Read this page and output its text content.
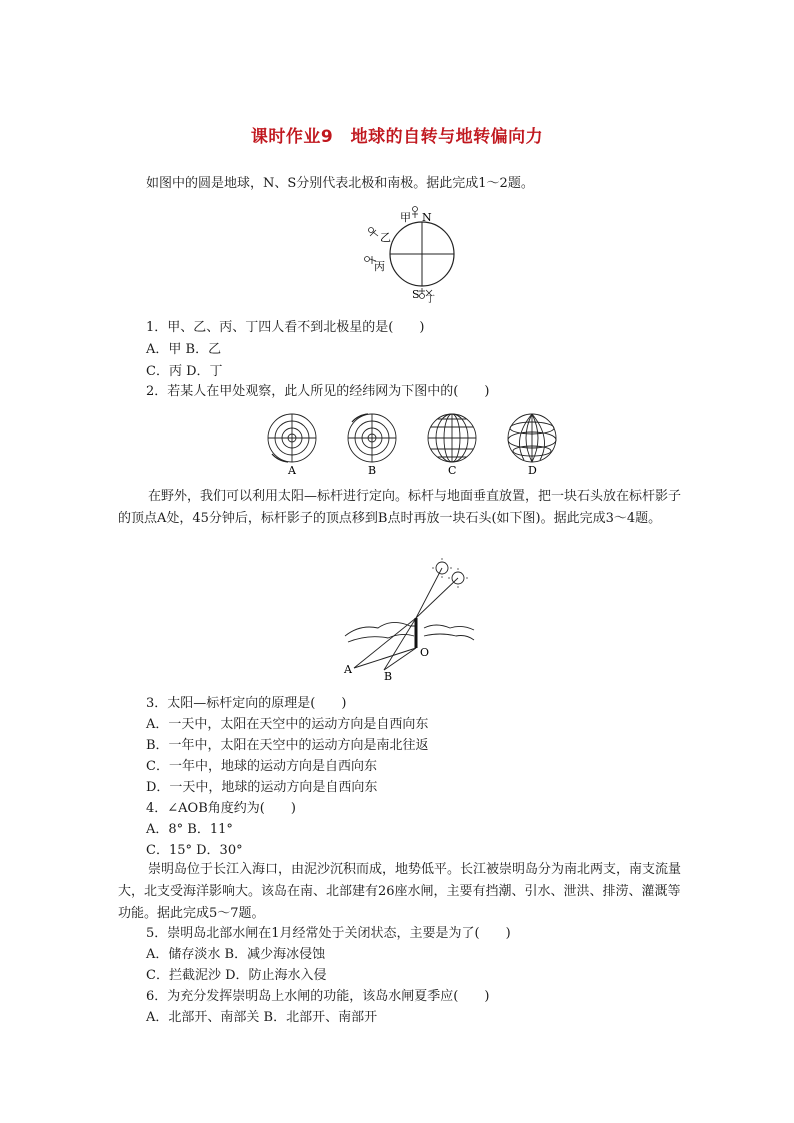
课时作业9　地球的自转与地转偏向力
如图中的圆是地球，N、S分别代表北极和南极。据此完成1～2题。
甲 N
乙
丙
S 丁
1．甲、乙、丙、丁四人看不到北极星的是(　　)
A．甲 B．乙
C．丙 D．丁
2．若某人在甲处观察，此人所见的经纬网为下图中的(　　)
A	B	C	D
在野外，我们可以利用太阳—标杆进行定向。标杆与地面垂直放置，把一块石头放在标杆影子的顶点A处，45分钟后，标杆影子的顶点移到B点时再放一块石头(如下图)。据此完成3～4题。
A
B
O
3．太阳—标杆定向的原理是(　　)
A．一天中，太阳在天空中的运动方向是自西向东
B．一年中，太阳在天空中的运动方向是南北往返
C．一年中，地球的运动方向是自西向东
D．一天中，地球的运动方向是自西向东
4．∠AOB角度约为(　　)
A．8° B．11°
C．15° D．30°
崇明岛位于长江入海口，由泥沙沉积而成，地势低平。长江被崇明岛分为南北两支，南支流量大，北支受海洋影响大。该岛在南、北部建有26座水闸，主要有挡潮、引水、泄洪、排涝、灌溉等功能。据此完成5～7题。
5．崇明岛北部水闸在1月经常处于关闭状态，主要是为了(　　)
A．储存淡水 B．减少海冰侵蚀
C．拦截泥沙 D．防止海水入侵
6．为充分发挥崇明岛上水闸的功能，该岛水闸夏季应(　　)
A．北部开、南部关 B．北部开、南部开
